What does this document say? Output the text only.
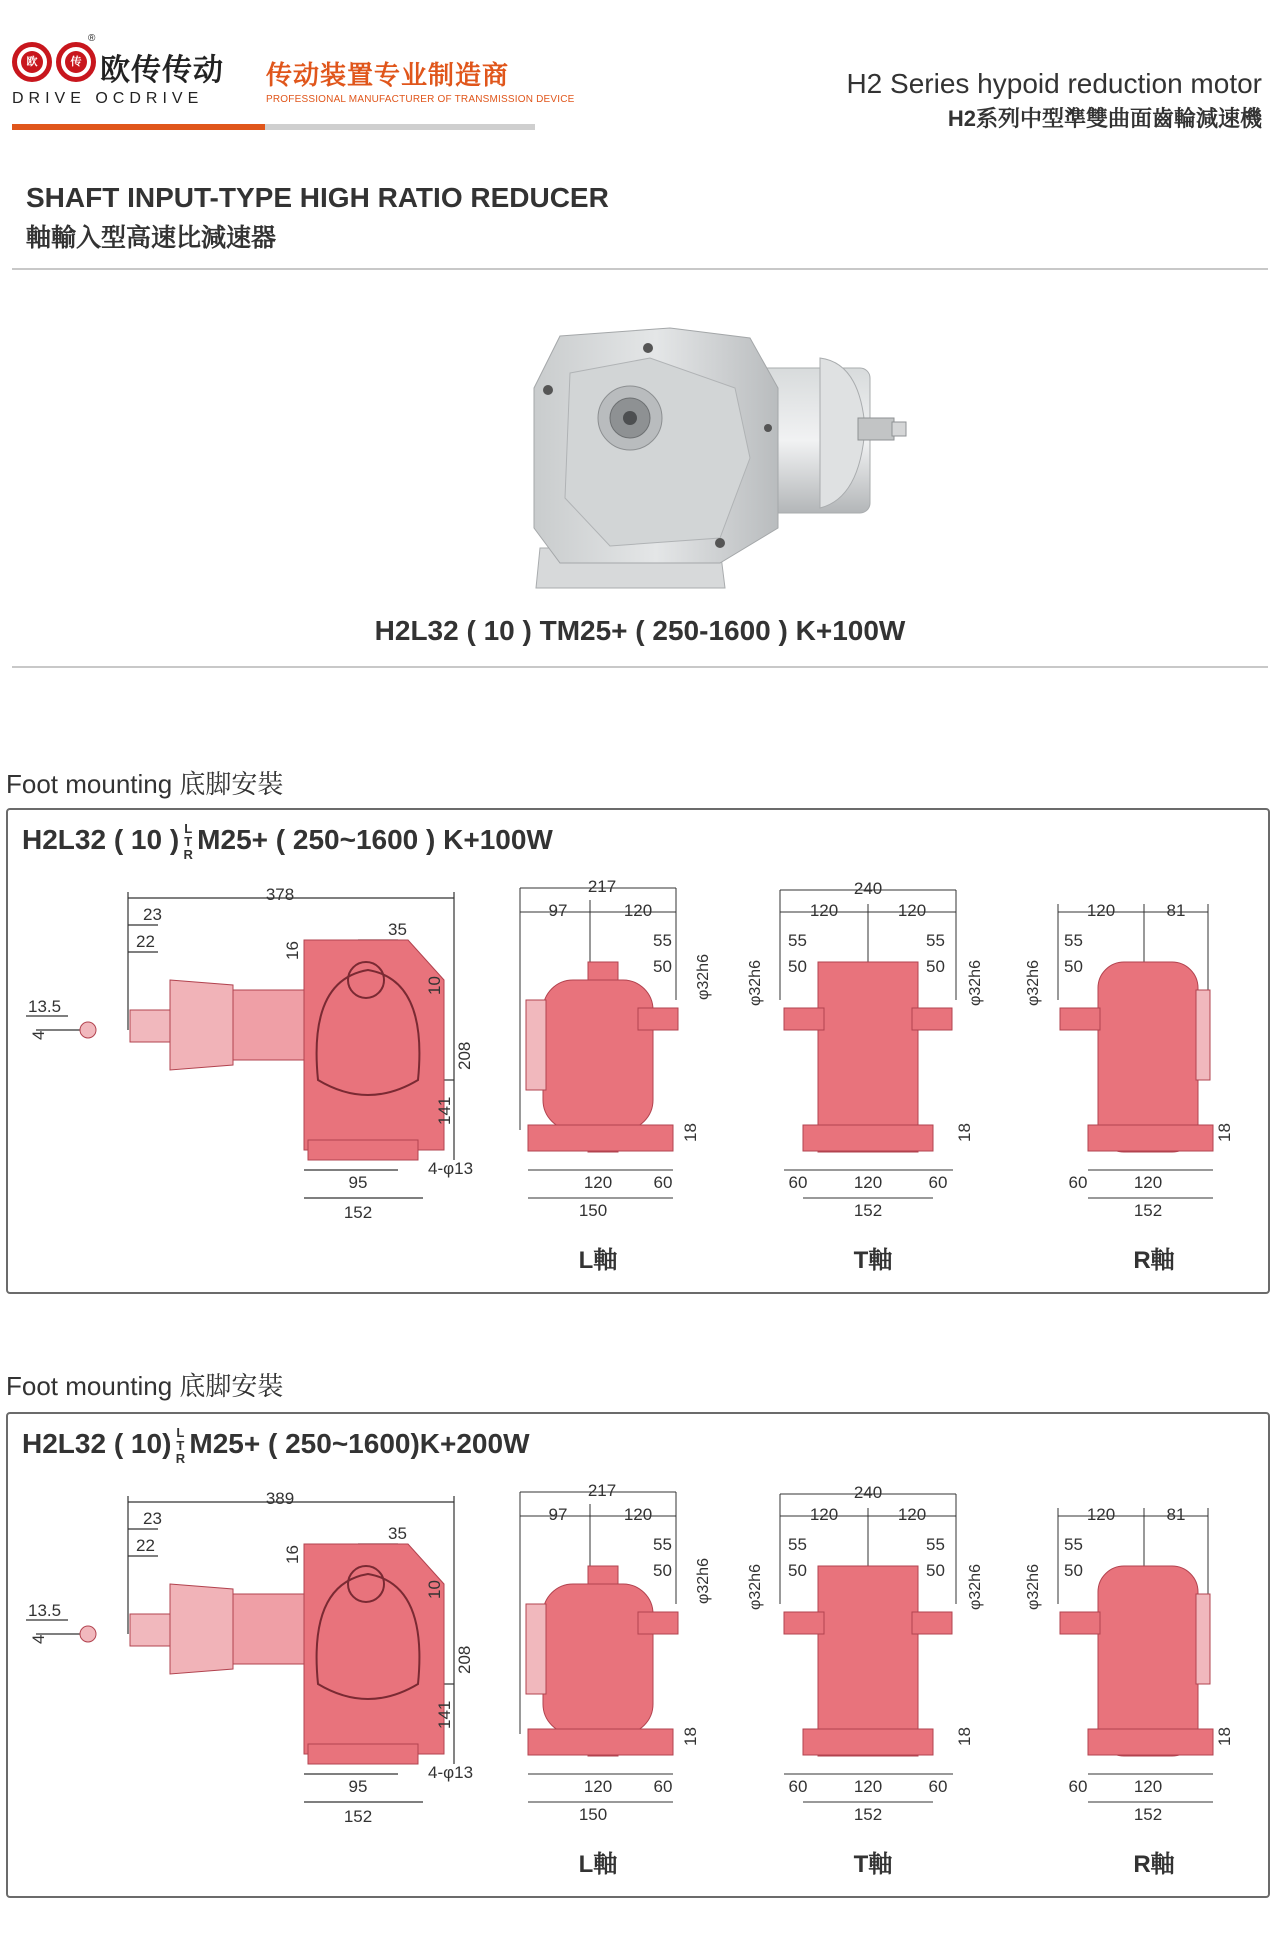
欧	传 欧传传动
®
DRIVE OCDRIVE
传动装置专业制造商
PROFESSIONAL MANUFACTURER OF TRANSMISSION DEVICE
H2 Series hypoid reduction motor
H2系列中型準雙曲面齒輪減速機
SHAFT INPUT-TYPE HIGH RATIO REDUCER
軸輸入型高速比減速器
H2L32 ( 10 ) TM25+ ( 250-1600 ) K+100W
Foot mounting 底脚安裝
H2L32 ( 10 ) L
T
R M25+ ( 250~1600 ) K+100W
378
23
22	16
35
10
208
141
95
152
4-φ13
13.5
4
217
97	120
55
50 φ32h6
18
120 60
150
L軸
240
120	120
55
50
55
50
φ32h6	φ32h6
18
60	120	60
152
T軸
120	81
55
50
φ32h6
18
60	120
152
R軸
Foot mounting 底脚安裝
H2L32 ( 10) L
T
R M25+ ( 250~1600)K+200W
389
23
22	16
35
10
208
141
95
152
4-φ13
13.5
4
217
97	120
55
50 φ32h6
18
120 60
150
L軸
240
120	120
55
50
55
50
φ32h6	φ32h6
18
60	120	60
152
T軸
120	81
55
50
φ32h6
18
60	120
152
R軸
